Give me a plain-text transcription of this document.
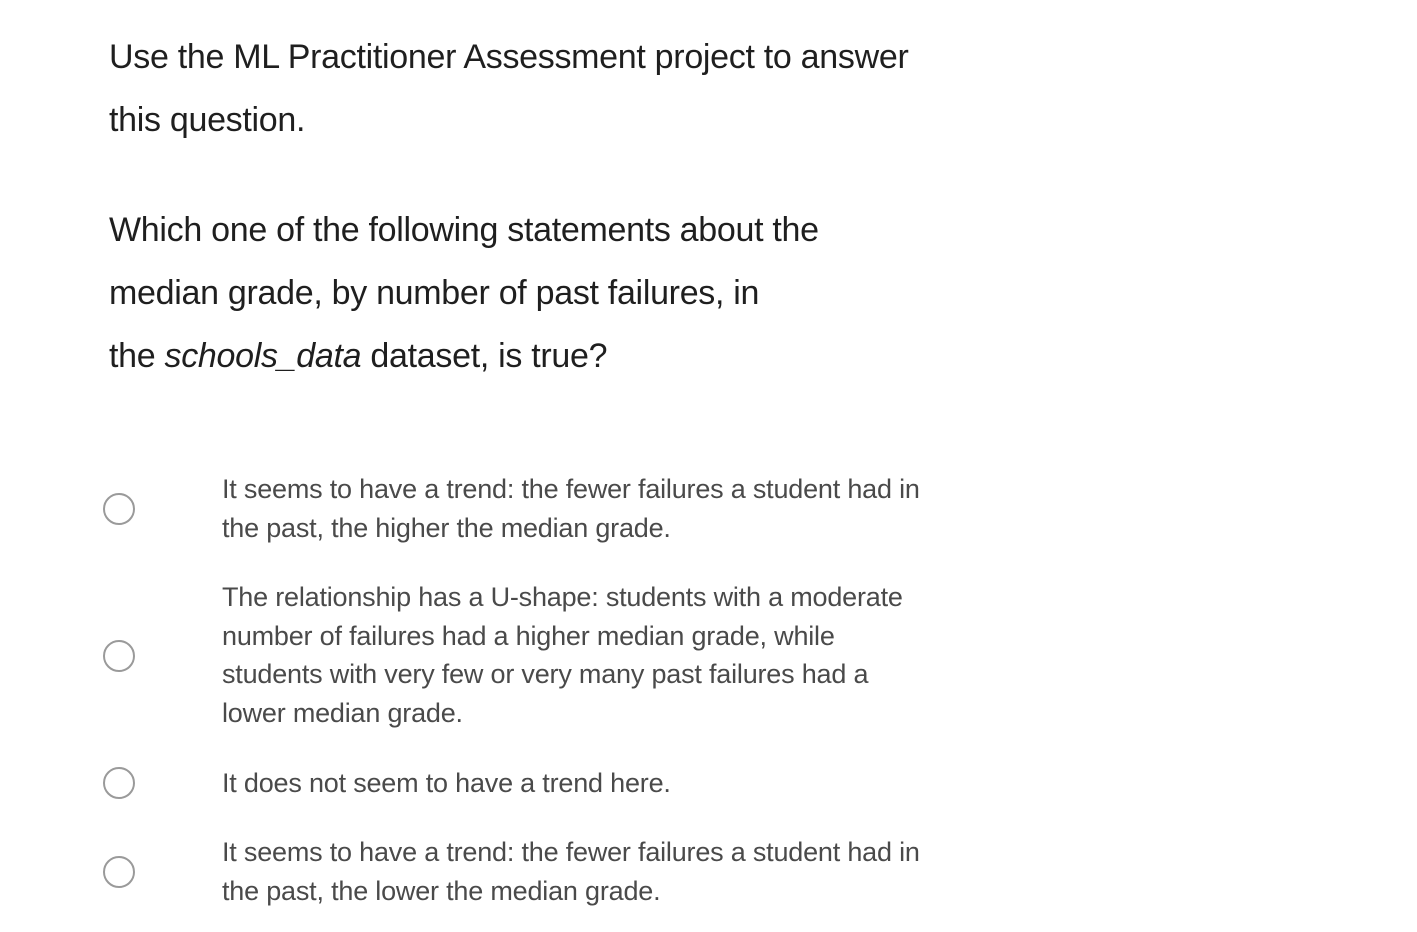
Use the ML Practitioner Assessment project to answer
this question.
Which one of the following statements about the
median grade, by number of past failures, in
the schools_data dataset, is true?
It seems to have a trend: the fewer failures a student had in
the past, the higher the median grade.
The relationship has a U-shape: students with a moderate
number of failures had a higher median grade, while
students with very few or very many past failures had a
lower median grade.
It does not seem to have a trend here.
It seems to have a trend: the fewer failures a student had in
the past, the lower the median grade.
